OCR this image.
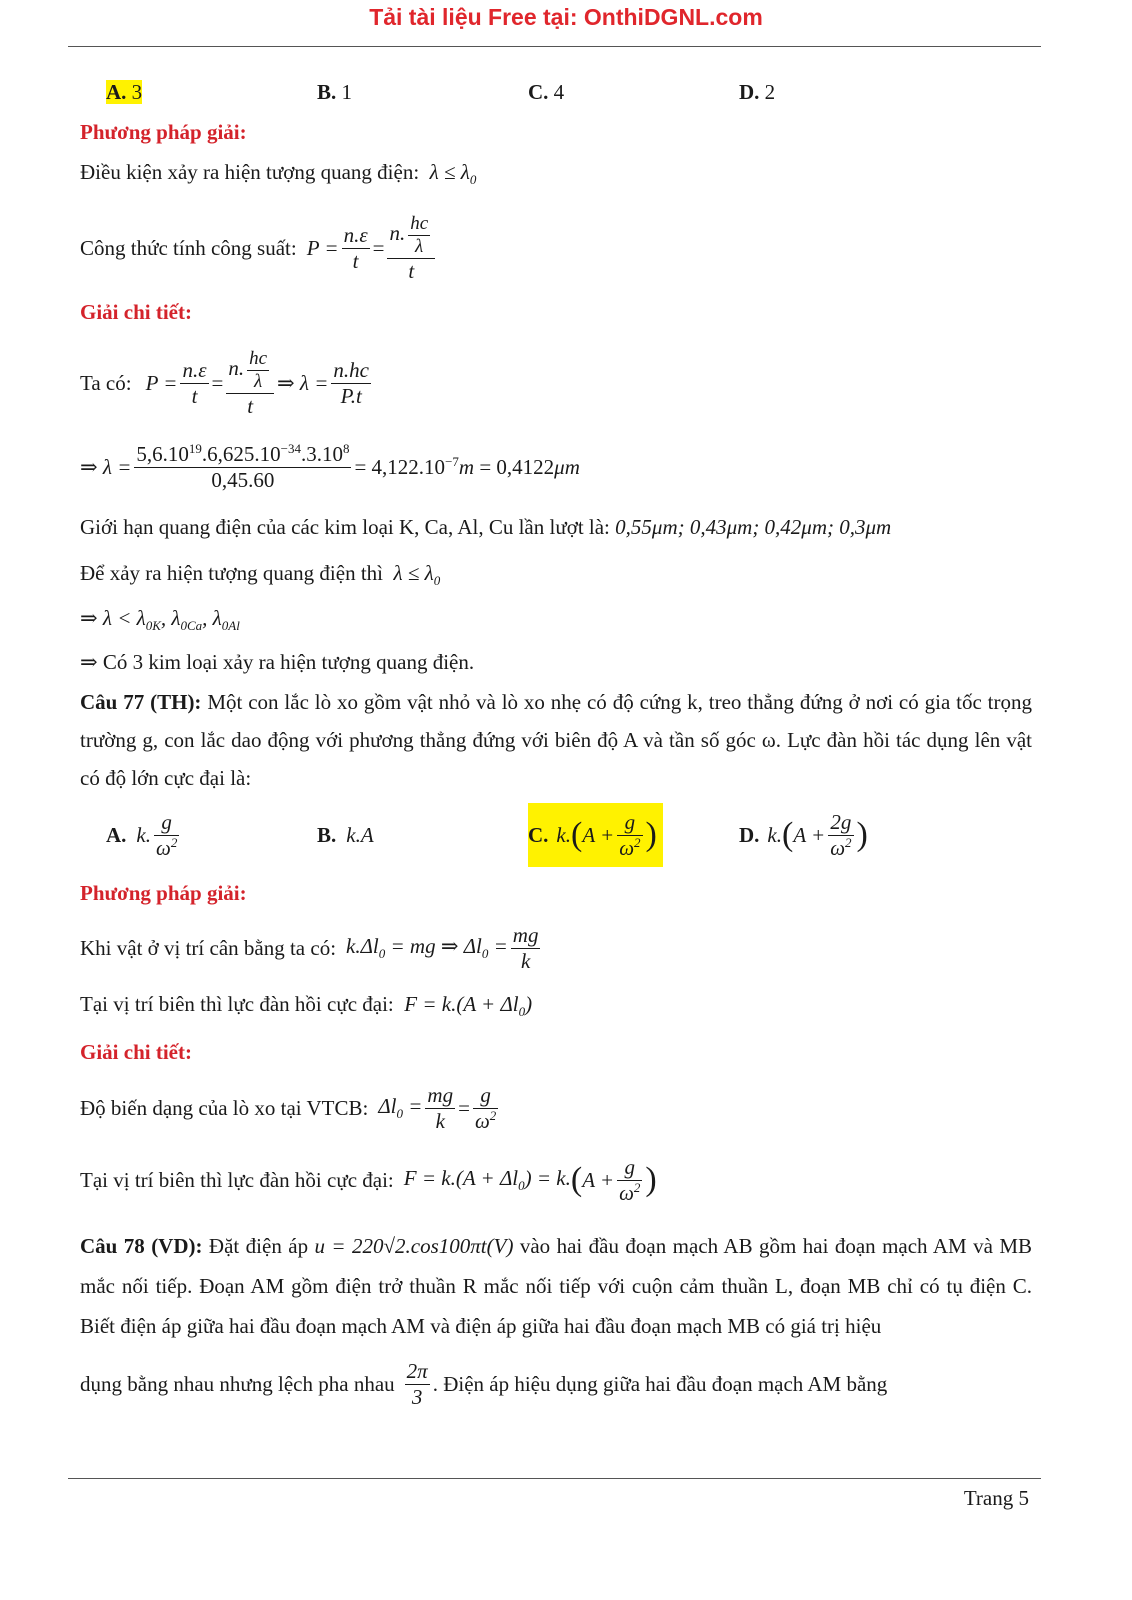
Tải tài liệu Free tại: OnthiDGNL.com
A. 3	B. 1	C. 4	D. 2
Phương pháp giải:
Điều kiện xảy ra hiện tượng quang điện:  $\lambda \le \lambda_0$
Công thức tính công suất: $P = \frac{n.\varepsilon}{t} = \frac{n. \frac{hc}{\lambda}}{t}$
Giải chi tiết:
Ta có: $P = \frac{n.\varepsilon}{t} = \frac{n. \frac{hc}{\lambda}}{t}$ ⇒ $\lambda = \frac{n.hc}{P.t}$
⇒ $\lambda = \frac{5,6.10^{19}.6,625.10^{-34}.3.10^8}{0,45.60} = 4,122.10^{-7}m = 0,4122\mu m$
Giới hạn quang điện của các kim loại K, Ca, Al, Cu lần lượt là: 0,55μm; 0,43μm; 0,42μm; 0,3μm
Để xảy ra hiện tượng quang điện thì  $\lambda \le \lambda_0$
⇒ $\lambda < \lambda_{0K}$, $\lambda_{0Ca}$, $\lambda_{0Al}$
⇒ Có 3 kim loại xảy ra hiện tượng quang điện.
Câu 77 (TH): Một con lắc lò xo gồm vật nhỏ và lò xo nhẹ có độ cứng k, treo thẳng đứng ở nơi có gia tốc trọng trường g, con lắc dao động với phương thẳng đứng với biên độ A và tần số góc ω. Lực đàn hồi tác dụng lên vật có độ lớn cực đại là:
A. k. $\frac{g}{\omega^2}$	B. k.A	C. k. ( $A + \frac{g}{\omega^2}$ )	D. k. ( $A + \frac{2g}{\omega^2}$ )
Phương pháp giải:
Khi vật ở vị trí cân bằng ta có: $k.\Delta l_0$ = mg ⇒ $\Delta l_0 = \frac{mg}{k}$
Tại vị trí biên thì lực đàn hồi cực đại:  $F = k.(A + \Delta l_0)$
Giải chi tiết:
Độ biến dạng của lò xo tại VTCB: $\Delta l_0 = \frac{mg}{k} = \frac{g}{\omega^2}$
Tại vị trí biên thì lực đàn hồi cực đại: $F = k.(A + \Delta l_0) = k$. ( $A + \frac{g}{\omega^2}$ )
Câu 78 (VD): Đặt điện áp u = 220√2.cos100πt(V) vào hai đầu đoạn mạch AB gồm hai đoạn mạch AM và MB mắc nối tiếp. Đoạn AM gồm điện trở thuần R mắc nối tiếp với cuộn cảm thuần L, đoạn MB chỉ có tụ điện C. Biết điện áp giữa hai đầu đoạn mạch AM và điện áp giữa hai đầu đoạn mạch MB có giá trị hiệu
dụng bằng nhau nhưng lệch pha nhau $\frac{2\pi}{3}$ . Điện áp hiệu dụng giữa hai đầu đoạn mạch AM bằng
Trang 5
